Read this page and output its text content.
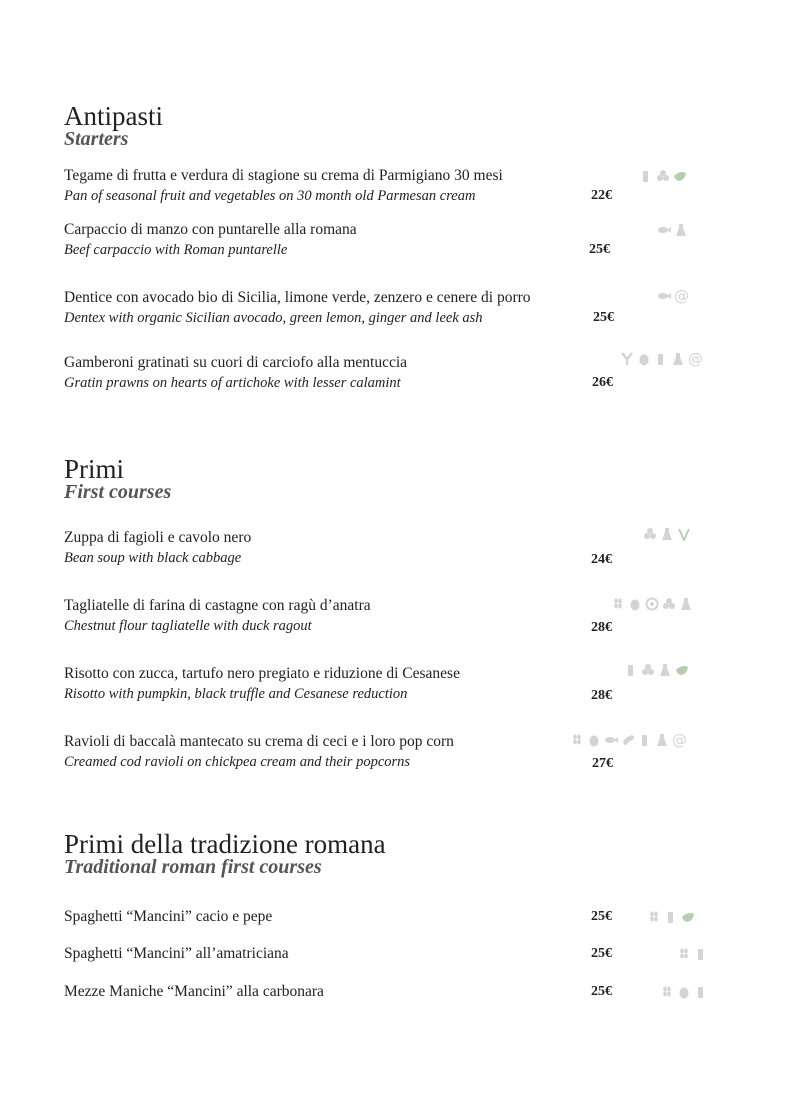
Antipasti
Starters
Tegame di frutta e verdura di stagione su crema di Parmigiano 30 mesi
Pan of seasonal fruit and vegetables on 30 month old Parmesan cream	22€
Carpaccio di manzo con puntarelle alla romana
Beef carpaccio with Roman puntarelle	25€
Dentice con avocado bio di Sicilia, limone verde, zenzero e cenere di porro
Dentex with organic Sicilian avocado, green lemon, ginger and leek ash	25€
@
Gamberoni gratinati su cuori di carciofo alla mentuccia
Gratin prawns on hearts of artichoke with lesser calamint	26€
@
Primi
First courses
Zuppa di fagioli e cavolo nero
Bean soup with black cabbage	24€
Tagliatelle di farina di castagne con ragù d’anatra
Chestnut flour tagliatelle with duck ragout	28€
Risotto con zucca, tartufo nero pregiato e riduzione di Cesanese
Risotto with pumpkin, black truffle and Cesanese reduction	28€
Ravioli di baccalà mantecato su crema di ceci e i loro pop corn
Creamed cod ravioli on chickpea cream and their popcorns	27€
@
Primi della tradizione romana
Traditional roman first courses
Spaghetti “Mancini” cacio e pepe	25€
Spaghetti “Mancini” all’amatriciana	25€
Mezze Maniche “Mancini” alla carbonara	25€
